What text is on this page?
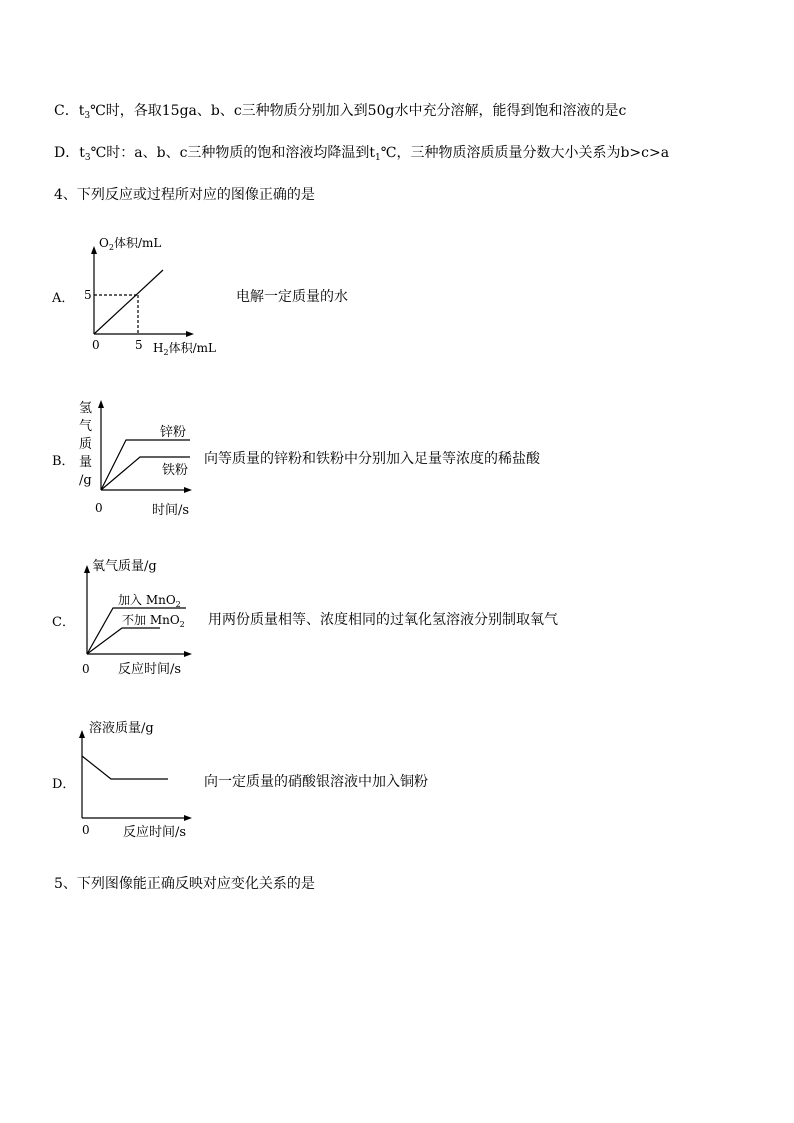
C．$t_3℃$时，各取15ga、b、c三种物质分别加入到50g水中充分溶解，能得到饱和溶液的是c
D．$t_3℃$时：a、b、c三种物质的饱和溶液均降温到$t_1℃$，三种物质溶质质量分数大小关系为b>c>a
4、下列反应或过程所对应的图像正确的是
A．	电解一定质量的水
$O_2$体积/mL
5
0	5 $H_2$体积/mL
B．	向等质量的锌粉和铁粉中分别加入足量等浓度的稀盐酸
氢 气 质 量 /g
锌粉
铁粉
0	时间/s
C．	用两份质量相等、浓度相同的过氧化氢溶液分别制取氧气
氧气质量/g
加入 MnO$_2$
不加 MnO$_2$
0 反应时间/s
D．	向一定质量的硝酸银溶液中加入铜粉
溶液质量/g
0	反应时间/s
5、下列图像能正确反映对应变化关系的是
